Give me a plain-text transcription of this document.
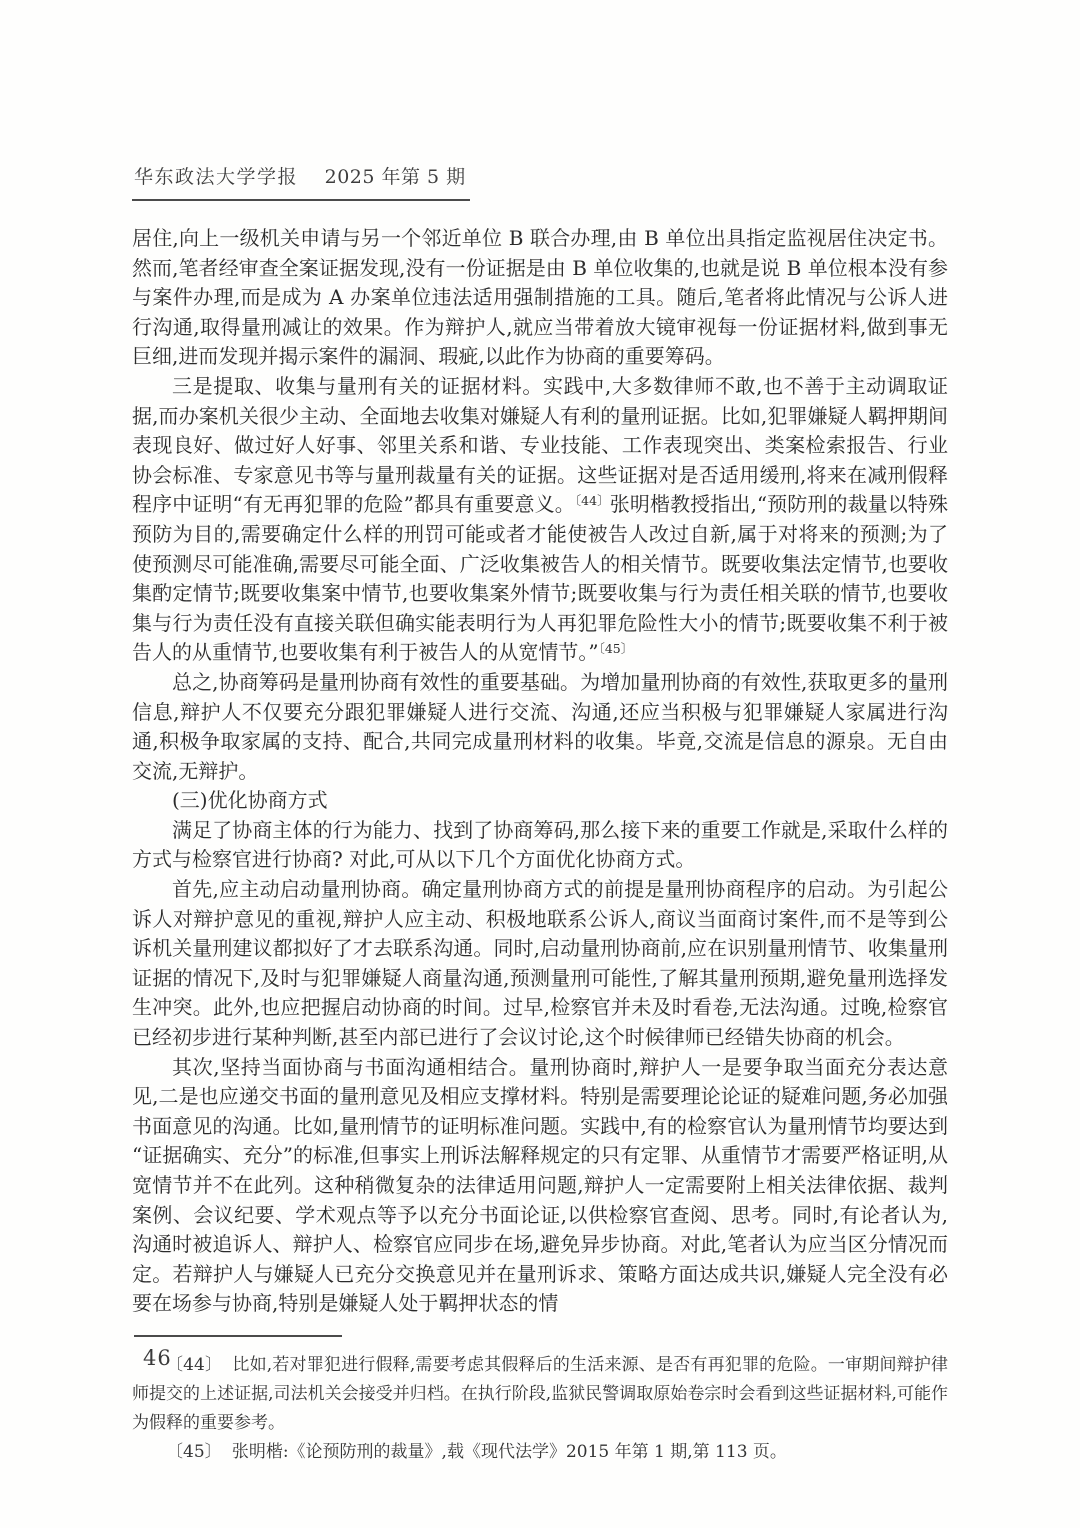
华东政法大学学报 2025 年第 5 期

居住,向上一级机关申请与另一个邻近单位 B 联合办理,由 B 单位出具指定监视居住决定书。然而,笔者经审查全案证据发现,没有一份证据是由 B 单位收集的,也就是说 B 单位根本没有参与案件办理,而是成为 A 办案单位违法适用强制措施的工具。随后,笔者将此情况与公诉人进行沟通,取得量刑减让的效果。作为辩护人,就应当带着放大镜审视每一份证据材料,做到事无巨细,进而发现并揭示案件的漏洞、瑕疵,以此作为协商的重要筹码。

三是提取、收集与量刑有关的证据材料。实践中,大多数律师不敢,也不善于主动调取证据,而办案机关很少主动、全面地去收集对嫌疑人有利的量刑证据。比如,犯罪嫌疑人羁押期间表现良好、做过好人好事、邻里关系和谐、专业技能、工作表现突出、类案检索报告、行业协会标准、专家意见书等与量刑裁量有关的证据。这些证据对是否适用缓刑,将来在减刑假释程序中证明“有无再犯罪的危险”都具有重要意义。$^{〔44〕}$张明楷教授指出,“预防刑的裁量以特殊预防为目的,需要确定什么样的刑罚可能或者才能使被告人改过自新,属于对将来的预测;为了使预测尽可能准确,需要尽可能全面、广泛收集被告人的相关情节。既要收集法定情节,也要收集酌定情节;既要收集案中情节,也要收集案外情节;既要收集与行为责任相关联的情节,也要收集与行为责任没有直接关联但确实能表明行为人再犯罪危险性大小的情节;既要收集不利于被告人的从重情节,也要收集有利于被告人的从宽情节。”$^{〔45〕}$

总之,协商筹码是量刑协商有效性的重要基础。为增加量刑协商的有效性,获取更多的量刑信息,辩护人不仅要充分跟犯罪嫌疑人进行交流、沟通,还应当积极与犯罪嫌疑人家属进行沟通,积极争取家属的支持、配合,共同完成量刑材料的收集。毕竟,交流是信息的源泉。无自由交流,无辩护。

(三)优化协商方式

满足了协商主体的行为能力、找到了协商筹码,那么接下来的重要工作就是,采取什么样的方式与检察官进行协商? 对此,可从以下几个方面优化协商方式。

首先,应主动启动量刑协商。确定量刑协商方式的前提是量刑协商程序的启动。为引起公诉人对辩护意见的重视,辩护人应主动、积极地联系公诉人,商议当面商讨案件,而不是等到公诉机关量刑建议都拟好了才去联系沟通。同时,启动量刑协商前,应在识别量刑情节、收集量刑证据的情况下,及时与犯罪嫌疑人商量沟通,预测量刑可能性,了解其量刑预期,避免量刑选择发生冲突。此外,也应把握启动协商的时间。过早,检察官并未及时看卷,无法沟通。过晚,检察官已经初步进行某种判断,甚至内部已进行了会议讨论,这个时候律师已经错失协商的机会。

其次,坚持当面协商与书面沟通相结合。量刑协商时,辩护人一是要争取当面充分表达意见,二是也应递交书面的量刑意见及相应支撑材料。特别是需要理论论证的疑难问题,务必加强书面意见的沟通。比如,量刑情节的证明标准问题。实践中,有的检察官认为量刑情节均要达到“证据确实、充分”的标准,但事实上刑诉法解释规定的只有定罪、从重情节才需要严格证明,从宽情节并不在此列。这种稍微复杂的法律适用问题,辩护人一定需要附上相关法律依据、裁判案例、会议纪要、学术观点等予以充分书面论证,以供检察官查阅、思考。同时,有论者认为,沟通时被追诉人、辩护人、检察官应同步在场,避免异步协商。对此,笔者认为应当区分情况而定。若辩护人与嫌疑人已充分交换意见并在量刑诉求、策略方面达成共识,嫌疑人完全没有必要在场参与协商,特别是嫌疑人处于羁押状态的情

〔44〕 比如,若对罪犯进行假释,需要考虑其假释后的生活来源、是否有再犯罪的危险。一审期间辩护律师提交的上述证据,司法机关会接受并归档。在执行阶段,监狱民警调取原始卷宗时会看到这些证据材料,可能作为假释的重要参考。

〔45〕 张明楷:《论预防刑的裁量》,载《现代法学》2015 年第 1 期,第 113 页。

46
